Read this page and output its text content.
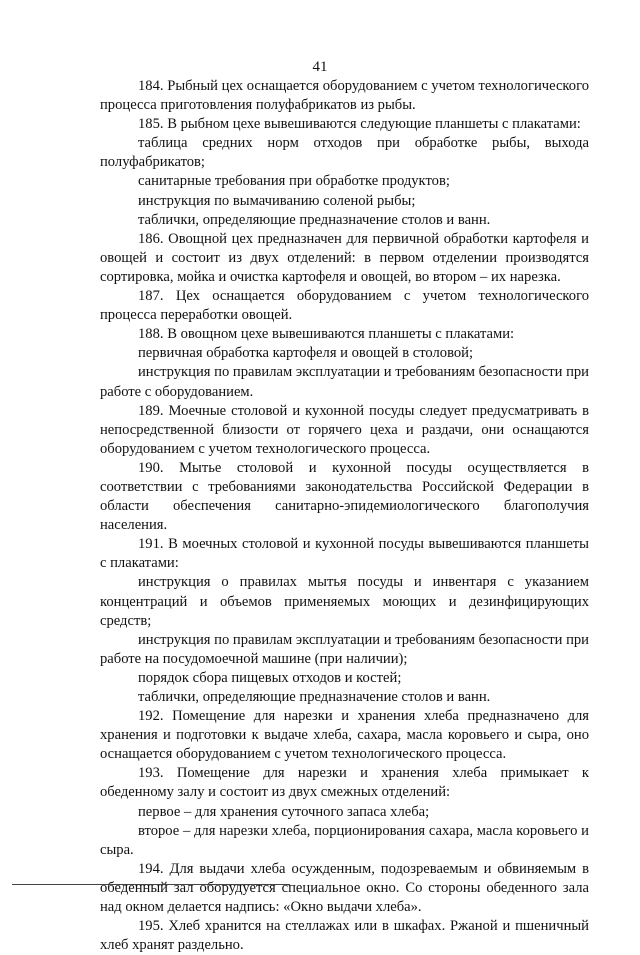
41

184. Рыбный цех оснащается оборудованием с учетом технологического процесса приготовления полуфабрикатов из рыбы.

185. В рыбном цехе вывешиваются следующие планшеты с плакатами:

таблица средних норм отходов при обработке рыбы, выхода полуфабрикатов;

санитарные требования при обработке продуктов;

инструкция по вымачиванию соленой рыбы;

таблички, определяющие предназначение столов и ванн.

186. Овощной цех предназначен для первичной обработки картофеля и овощей и состоит из двух отделений: в первом отделении производятся сортировка, мойка и очистка картофеля и овощей, во втором – их нарезка.

187. Цех оснащается оборудованием с учетом технологического процесса переработки овощей.

188. В овощном цехе вывешиваются планшеты с плакатами:

первичная обработка картофеля и овощей в столовой;

инструкция по правилам эксплуатации и требованиям безопасности при работе с оборудованием.

189. Моечные столовой и кухонной посуды следует предусматривать в непосредственной близости от горячего цеха и раздачи, они оснащаются оборудованием с учетом технологического процесса.

190. Мытье столовой и кухонной посуды осуществляется в соответствии с требованиями законодательства Российской Федерации в области обеспечения санитарно-эпидемиологического благополучия населения.

191. В моечных столовой и кухонной посуды вывешиваются планшеты с плакатами:

инструкция о правилах мытья посуды и инвентаря с указанием концентраций и объемов применяемых моющих и дезинфицирующих средств;

инструкция по правилам эксплуатации и требованиям безопасности при работе на посудомоечной машине (при наличии);

порядок сбора пищевых отходов и костей;

таблички, определяющие предназначение столов и ванн.

192. Помещение для нарезки и хранения хлеба предназначено для хранения и подготовки к выдаче хлеба, сахара, масла коровьего и сыра, оно оснащается оборудованием с учетом технологического процесса.

193. Помещение для нарезки и хранения хлеба примыкает к обеденному залу и состоит из двух смежных отделений:

первое – для хранения суточного запаса хлеба;

второе – для нарезки хлеба, порционирования сахара, масла коровьего и сыра.

194. Для выдачи хлеба осужденным, подозреваемым и обвиняемым в обеденный зал оборудуется специальное окно. Со стороны обеденного зала над окном делается надпись: «Окно выдачи хлеба».

195. Хлеб хранится на стеллажах или в шкафах. Ржаной и пшеничный хлеб хранят раздельно.
